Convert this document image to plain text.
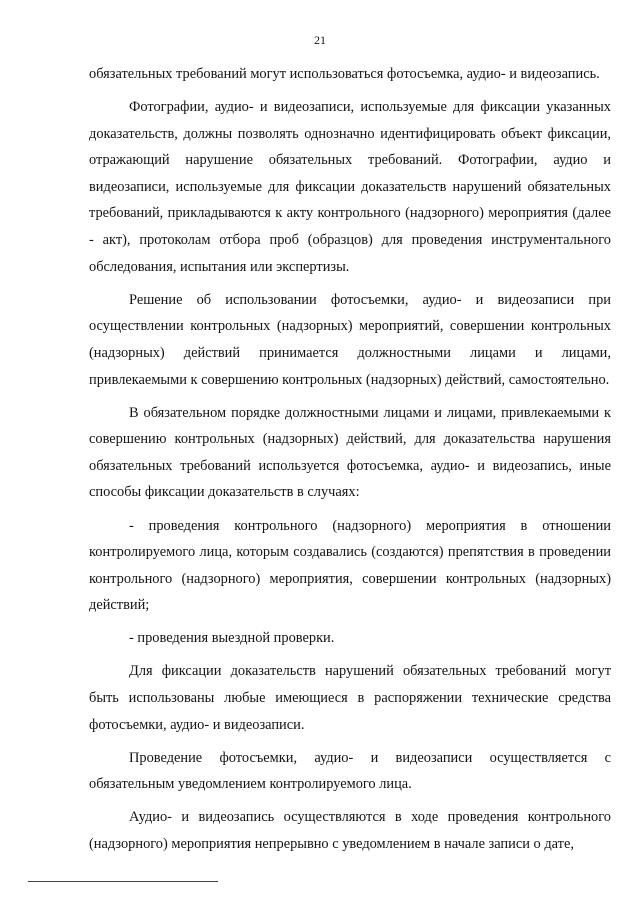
21

обязательных требований могут использоваться фотосъемка, аудио- и видеозапись.

Фотографии, аудио- и видеозаписи, используемые для фиксации указанных доказательств, должны позволять однозначно идентифицировать объект фиксации, отражающий нарушение обязательных требований. Фотографии, аудио и видеозаписи, используемые для фиксации доказательств нарушений обязательных требований, прикладываются к акту контрольного (надзорного) мероприятия (далее - акт), протоколам отбора проб (образцов) для проведения инструментального обследования, испытания или экспертизы.

Решение об использовании фотосъемки, аудио- и видеозаписи при осуществлении контрольных (надзорных) мероприятий, совершении контрольных (надзорных) действий принимается должностными лицами и лицами, привлекаемыми к совершению контрольных (надзорных) действий, самостоятельно.

В обязательном порядке должностными лицами и лицами, привлекаемыми к совершению контрольных (надзорных) действий, для доказательства нарушения обязательных требований используется фотосъемка, аудио- и видеозапись, иные способы фиксации доказательств в случаях:

- проведения контрольного (надзорного) мероприятия в отношении контролируемого лица, которым создавались (создаются) препятствия в проведении контрольного (надзорного) мероприятия, совершении контрольных (надзорных) действий;

- проведения выездной проверки.

Для фиксации доказательств нарушений обязательных требований могут быть использованы любые имеющиеся в распоряжении технические средства фотосъемки, аудио- и видеозаписи.

Проведение фотосъемки, аудио- и видеозаписи осуществляется с обязательным уведомлением контролируемого лица.

Аудио- и видеозапись осуществляются в ходе проведения контрольного (надзорного) мероприятия непрерывно с уведомлением в начале записи о дате,
